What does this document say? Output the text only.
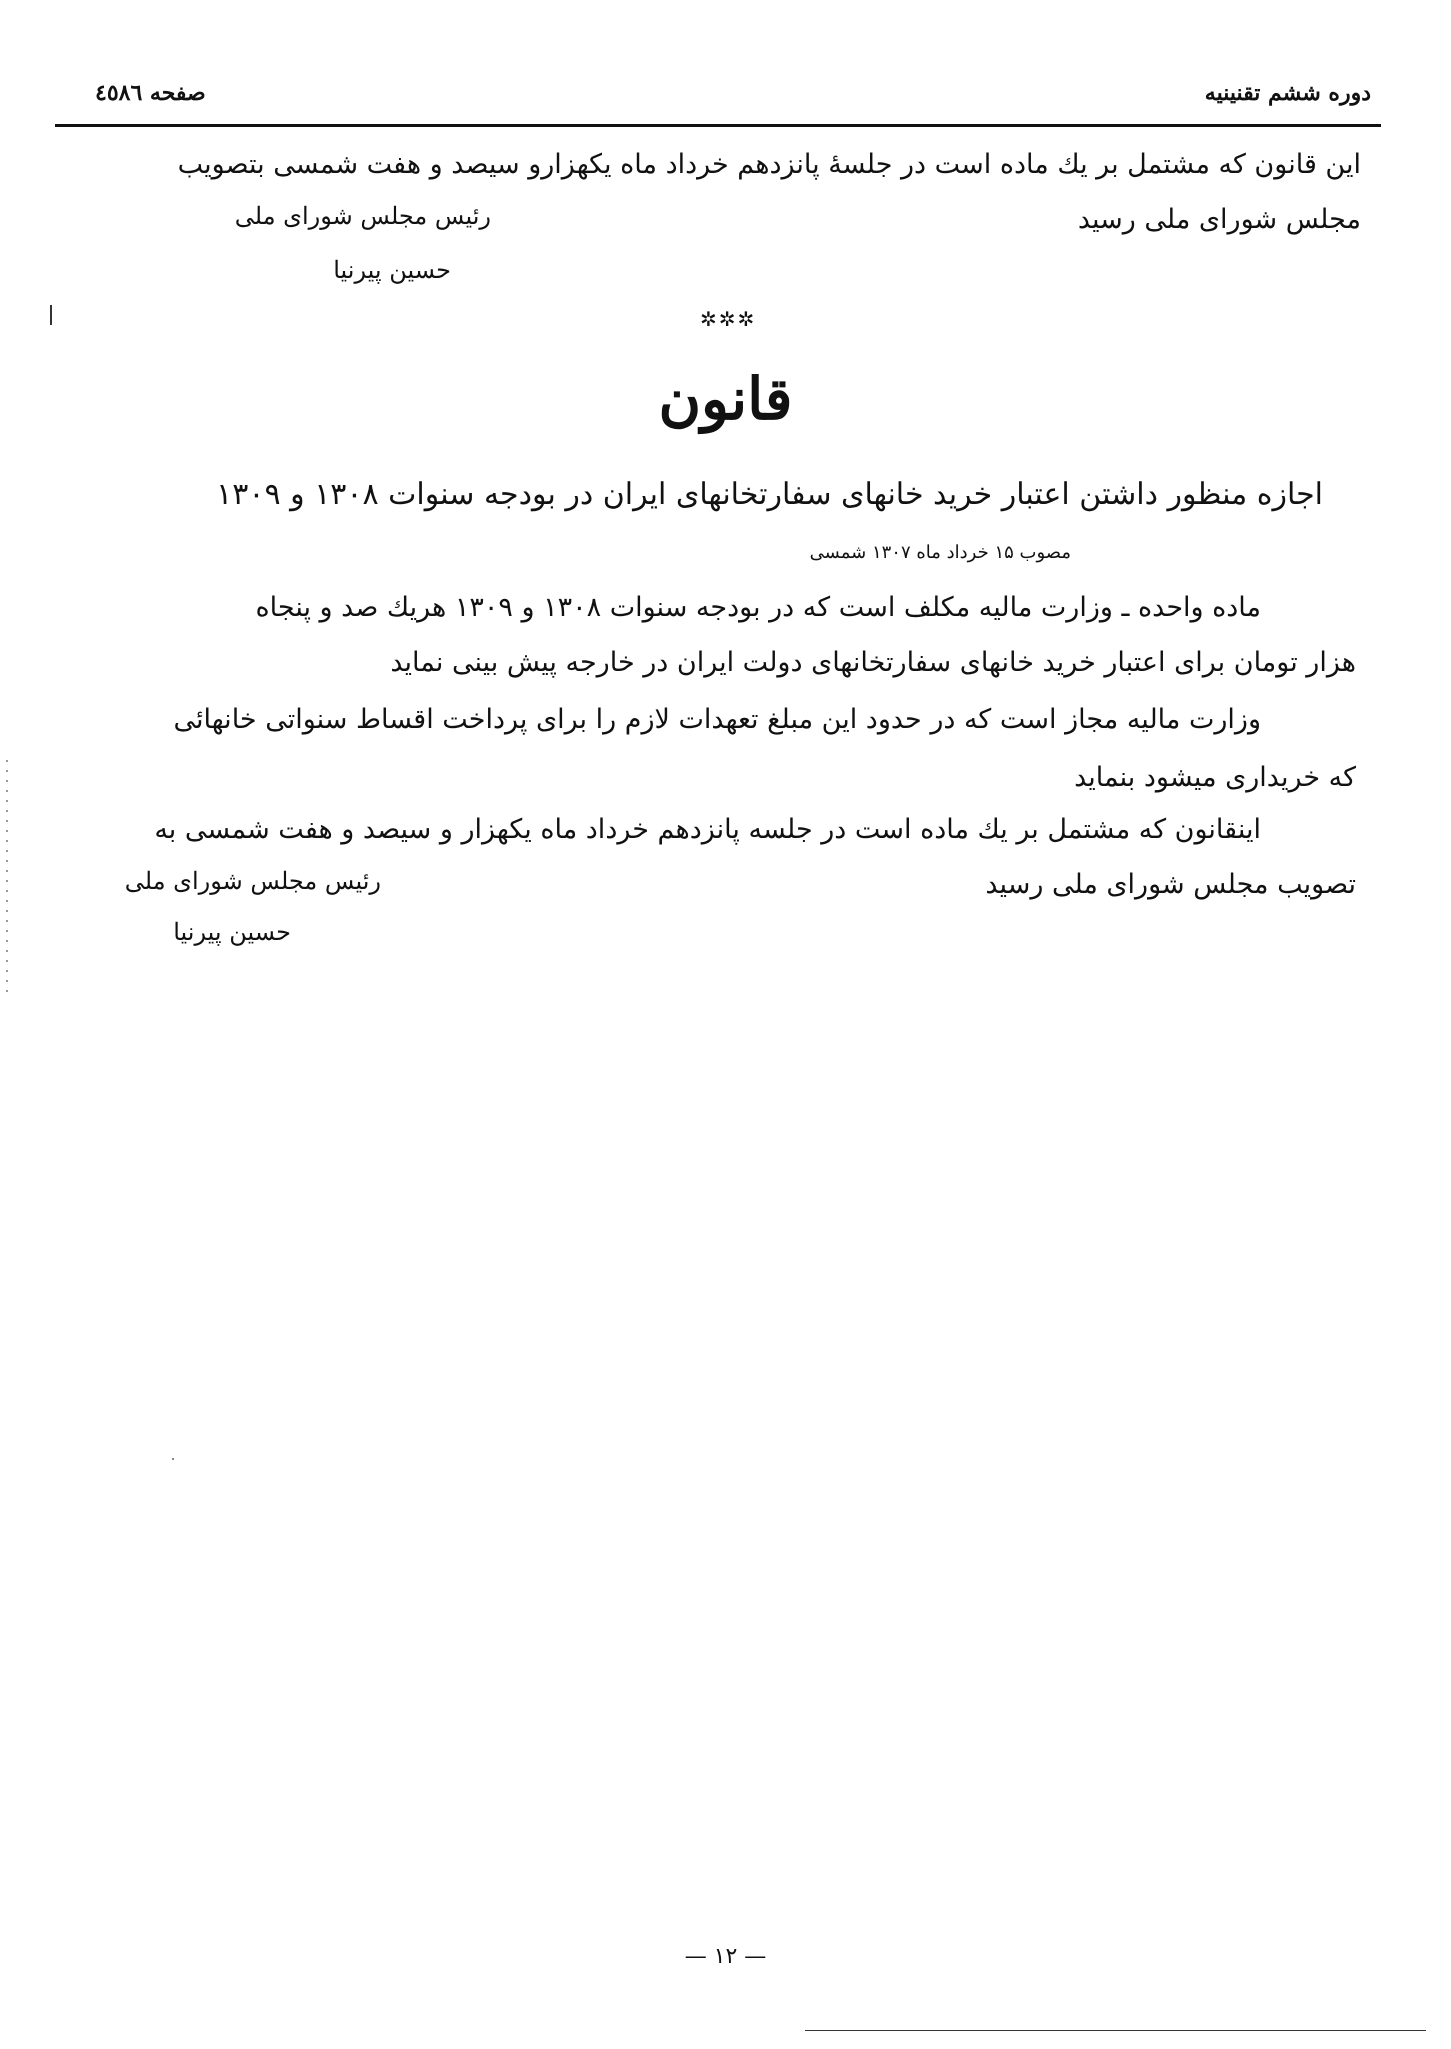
دوره ششم تقنینیه
صفحه ٤٥٨٦
این قانون که مشتمل بر یك ماده است در جلسهٔ پانزدهم خرداد ماه یکهزارو سیصد و هفت شمسی بتصویب
مجلس شورای ملی رسید
رئیس مجلس شورای ملی
حسین پیرنیا
✲✲✲
قانون
اجازه منظور داشتن اعتبار خرید خانهای سفارتخانهای ایران در بودجه سنوات ۱۳۰۸ و ۱۳۰۹
مصوب ۱۵ خرداد ماه ۱۳۰۷ شمسی
ماده واحده ـ وزارت مالیه مکلف است که در بودجه سنوات ۱۳۰۸ و ۱۳۰۹ هریك صد و پنجاه
هزار تومان برای اعتبار خرید خانهای سفارتخانهای دولت ایران در خارجه پیش بینی نماید
وزارت مالیه مجاز است که در حدود این مبلغ تعهدات لازم را برای پرداخت اقساط سنواتی خانهائی
که خریداری میشود بنماید
اینقانون که مشتمل بر یك ماده است در جلسه پانزدهم خرداد ماه یکهزار و سیصد و هفت شمسی به
تصویب مجلس شورای ملی رسید
رئیس مجلس شورای ملی
حسین پیرنیا
— ۱۲ —
